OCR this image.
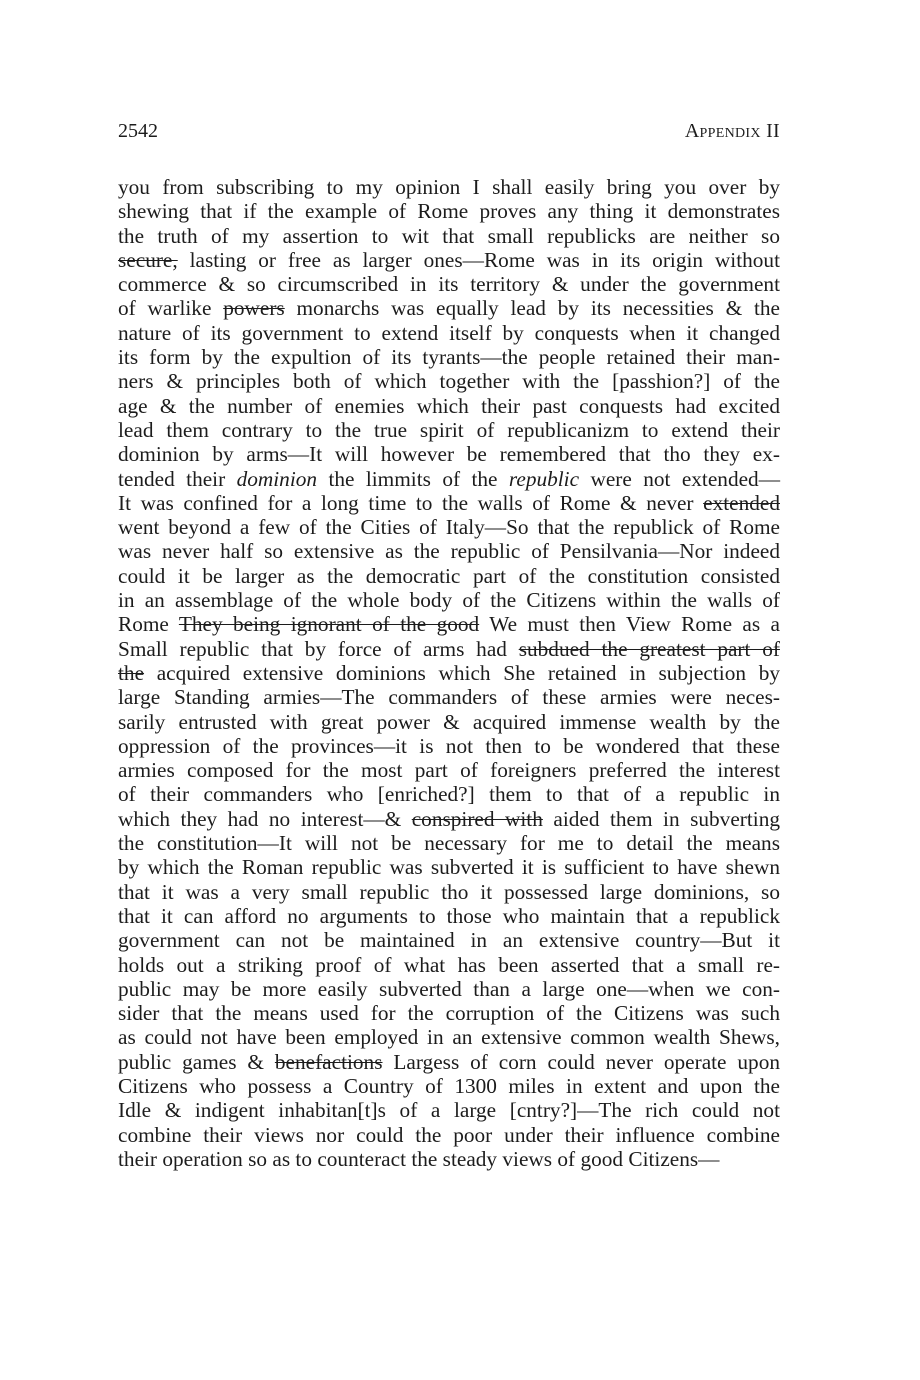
2542	Appendix II
you from subscribing to my opinion I shall easily bring you over by
shewing that if the example of Rome proves any thing it demonstrates
the truth of my assertion to wit that small republicks are neither so
secure, lasting or free as larger ones—Rome was in its origin without
commerce & so circumscribed in its territory & under the government
of warlike powers monarchs was equally lead by its necessities & the
nature of its government to extend itself by conquests when it changed
its form by the expultion of its tyrants—the people retained their man-
ners & principles both of which together with the [passhion?] of the
age & the number of enemies which their past conquests had excited
lead them contrary to the true spirit of republicanizm to extend their
dominion by arms—It will however be remembered that tho they ex-
tended their dominion the limmits of the republic were not extended—
It was confined for a long time to the walls of Rome & never extended
went beyond a few of the Cities of Italy—So that the republick of Rome
was never half so extensive as the republic of Pensilvania—Nor indeed
could it be larger as the democratic part of the constitution consisted
in an assemblage of the whole body of the Citizens within the walls of
Rome They being ignorant of the good We must then View Rome as a
Small republic that by force of arms had subdued the greatest part of
the acquired extensive dominions which She retained in subjection by
large Standing armies—The commanders of these armies were neces-
sarily entrusted with great power & acquired immense wealth by the
oppression of the provinces—it is not then to be wondered that these
armies composed for the most part of foreigners preferred the interest
of their commanders who [enriched?] them to that of a republic in
which they had no interest—& conspired with aided them in subverting
the constitution—It will not be necessary for me to detail the means
by which the Roman republic was subverted it is sufficient to have shewn
that it was a very small republic tho it possessed large dominions, so
that it can afford no arguments to those who maintain that a republick
government can not be maintained in an extensive country—But it
holds out a striking proof of what has been asserted that a small re-
public may be more easily subverted than a large one—when we con-
sider that the means used for the corruption of the Citizens was such
as could not have been employed in an extensive common wealth Shews,
public games & benefactions Largess of corn could never operate upon
Citizens who possess a Country of 1300 miles in extent and upon the
Idle & indigent inhabitan[t]s of a large [cntry?]—The rich could not
combine their views nor could the poor under their influence combine
their operation so as to counteract the steady views of good Citizens—
